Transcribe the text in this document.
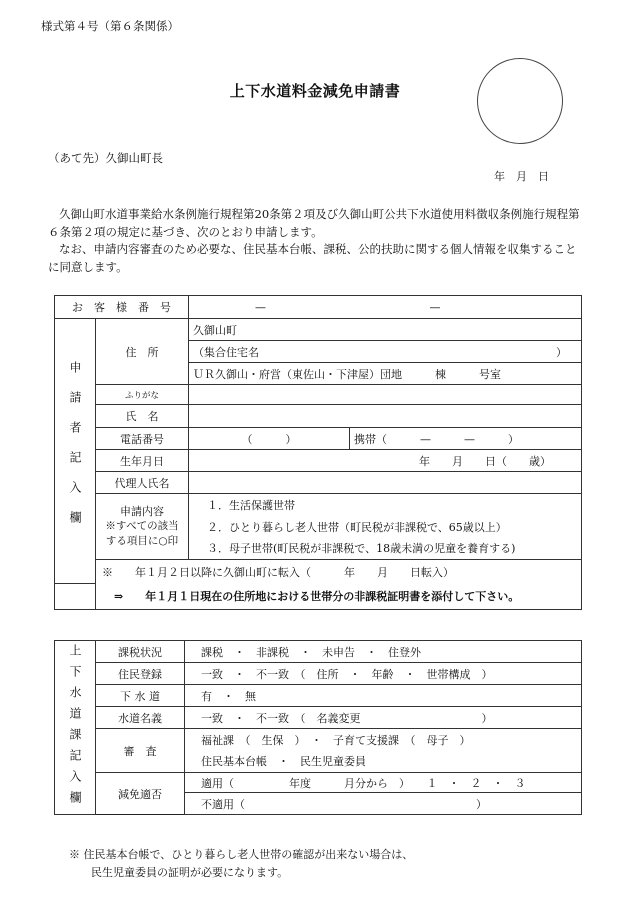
様式第４号（第６条関係）
上下水道料金減免申請書
（あて先）久御山町長
年　月　日

久御山町水道事業給水条例施行規程第20条第２項及び久御山町公共下水道使用料徴収条例施行規程第６条第２項の規定に基づき、次のとおり申請します。

なお、申請内容審査のため必要な、住民基本台帳、課税、公的扶助に関する個人情報を収集することに同意します。

お　客　様　番　号		— —	

申請者記入欄	住　所	久御山町	
		（集合住宅名 ）	

		ＵＲ久御山・府営（東佐山・下津屋）団地　　　棟　　　号室	
	ふりがな		
	氏　名		
	電話番号	（　　　）	携帯（　　　—　　　—　　　）
	生年月日	年　　月　　日（　　歳）	
	代理人氏名		

	申請内容
※すべての該当
する項目に○印	１．生活保護世帯	
		２．ひとり暮らし老人世帯（町民税が非課税で、65歳以上）	
		３．母子世帯(町民税が非課税で、18歳未満の児童を養育する)	
	※　　年１月２日以降に久御山町に転入（　　　年　　月　　日転入）		
	⇒　　年１月１日現在の住所地における世帯分の非課税証明書を添付して下さい。		
上下水道課記入欄	課税状況	課税　・　非課税　・　未申告　・　住登外
	住民登録	一致　・　不一致　（　住所　・　年齢　・　世帯構成　）
	下 水 道	有　・　無
	水道名義	一致　・　不一致　（　名義変更　　　　　　　　　　　）
	審　査	福祉課　（　生保　）　・　子育て支援課　（　母子　）
		住民基本台帳　・　民生児童委員
	減免適否	適用（　　　　　年度　　　月分から　）　　１　・　２　・　３
		不適用（　　　　　　　　　　　　　　　　　　　　　）
※ 住民基本台帳で、ひとり暮らし老人世帯の確認が出来ない場合は、
民生児童委員の証明が必要になります。
